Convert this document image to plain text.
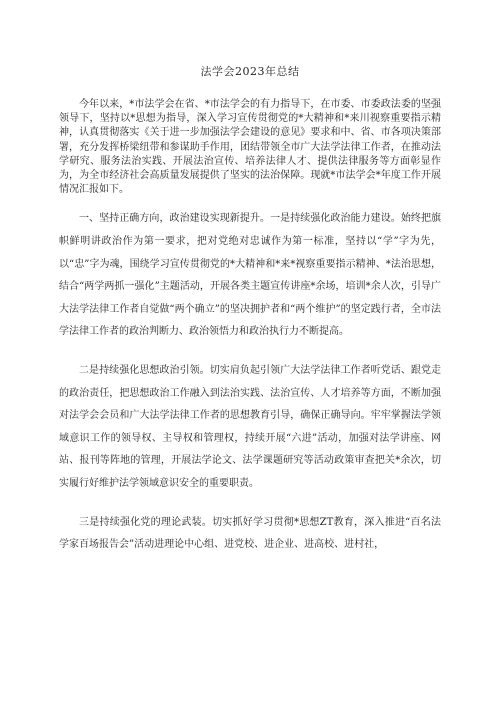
法学会2023年总结

今年以来，*市法学会在省、*市法学会的有力指导下，在市委、市委政法委的坚强领导下，坚持以*思想为指导，深入学习宣传贯彻党的*大精神和*来川视察重要指示精神，认真贯彻落实《关于进一步加强法学会建设的意见》要求和中、省、市各项决策部署，充分发挥桥梁纽带和参谋助手作用，团结带领全市广大法学法律工作者，在推动法学研究、服务法治实践、开展法治宣传、培养法律人才、提供法律服务等方面彰显作为，为全市经济社会高质量发展提供了坚实的法治保障。现就*市法学会*年度工作开展情况汇报如下。

一、坚持正确方向，政治建设实现新提升。一是持续强化政治能力建设。始终把旗帜鲜明讲政治作为第一要求，把对党绝对忠诚作为第一标准，坚持以“学”字为先，以“忠”字为魂，围绕学习宣传贯彻党的*大精神和*来*视察重要指示精神、*法治思想，结合“两学两抓一强化”主题活动，开展各类主题宣传讲座*余场，培训*余人次，引导广大法学法律工作者自觉做“两个确立”的坚决拥护者和“两个维护”的坚定践行者，全市法学法律工作者的政治判断力、政治领悟力和政治执行力不断提高。

二是持续强化思想政治引领。切实肩负起引领广大法学法律工作者听党话、跟党走的政治责任，把思想政治工作融入到法治实践、法治宣传、人才培养等方面，不断加强对法学会会员和广大法学法律工作者的思想教育引导，确保正确导向。牢牢掌握法学领域意识工作的领导权、主导权和管理权，持续开展“六进”活动，加强对法学讲座、网站、报刊等阵地的管理，开展法学论文、法学课题研究等活动政策审查把关*余次，切实履行好维护法学领域意识安全的重要职责。

三是持续强化党的理论武装。切实抓好学习贯彻*思想ZT教育，深入推进“百名法学家百场报告会”活动进理论中心组、进党校、进企业、进高校、进村社，
